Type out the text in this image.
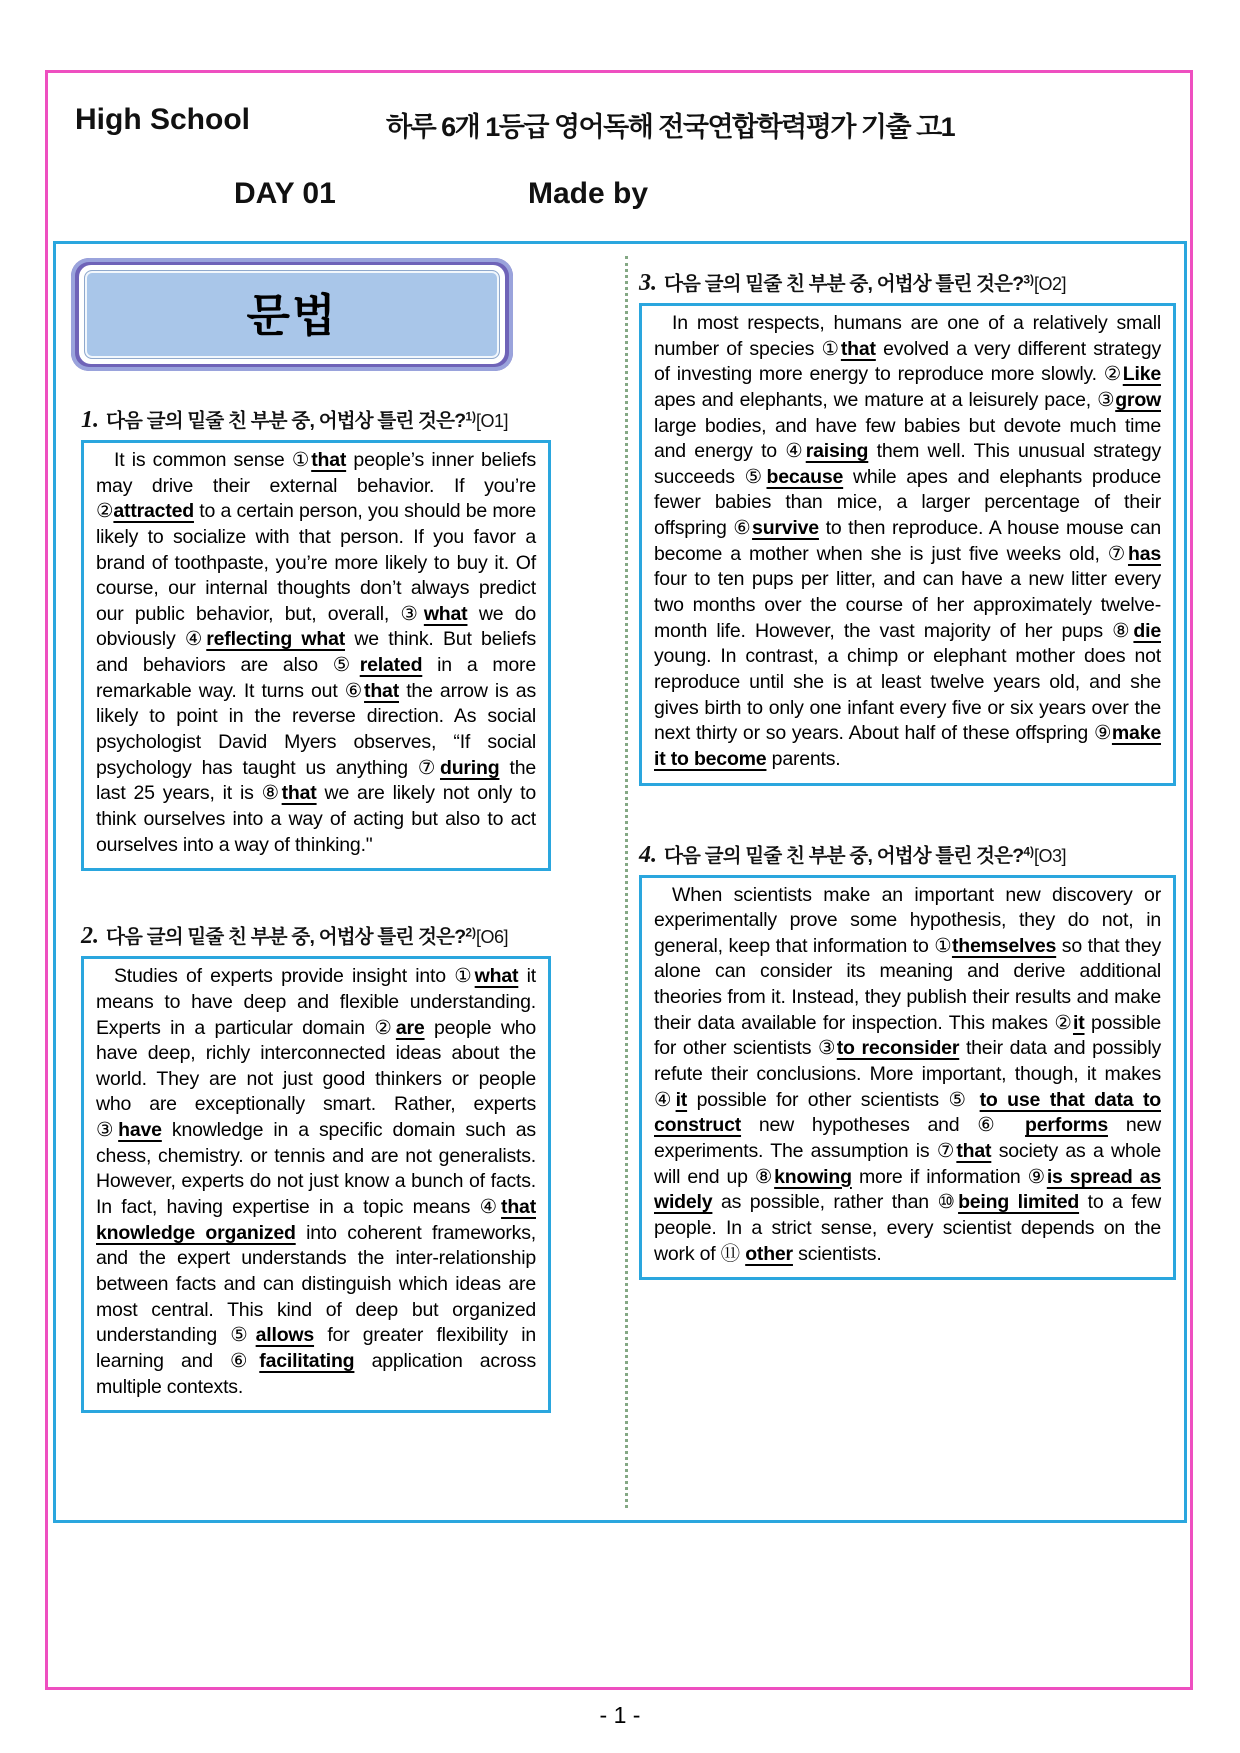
High School	하루 6개 1등급 영어독해 전국연합학력평가 기출 고1
DAY 01	Made by
문법
1. 다음 글의 밑줄 친 부분 중, 어법상 틀린 것은?$^{1)}$[O1]
It is common sense ①that people’s inner beliefs may drive their external behavior. If you’re ②attracted to a certain person, you should be more likely to socialize with that person. If you favor a brand of toothpaste, you’re more likely to buy it. Of course, our internal thoughts don’t always predict our public behavior, but, overall, ③what we do obviously ④reflecting what we think. But beliefs and behaviors are also ⑤related in a more remarkable way. It turns out ⑥that the arrow is as likely to point in the reverse direction. As social psychologist David Myers observes, “If social psychology has taught us anything ⑦during the last 25 years, it is ⑧that we are likely not only to think ourselves into a way of acting but also to act ourselves into a way of thinking."
2. 다음 글의 밑줄 친 부분 중, 어법상 틀린 것은?$^{2)}$[O6]
Studies of experts provide insight into ①what it means to have deep and flexible understanding. Experts in a particular domain ②are people who have deep, richly interconnected ideas about the world. They are not just good thinkers or people who are exceptionally smart. Rather, experts ③have knowledge in a specific domain such as chess, chemistry. or tennis and are not generalists. However, experts do not just know a bunch of facts. In fact, having expertise in a topic means ④that knowledge organized into coherent frameworks, and the expert understands the inter-relationship between facts and can distinguish which ideas are most central. This kind of deep but organized understanding ⑤allows for greater flexibility in learning and ⑥facilitating application across multiple contexts.
3. 다음 글의 밑줄 친 부분 중, 어법상 틀린 것은?$^{3)}$[O2]
In most respects, humans are one of a relatively small number of species ①that evolved a very different strategy of investing more energy to reproduce more slowly. ②Like apes and elephants, we mature at a leisurely pace, ③grow large bodies, and have few babies but devote much time and energy to ④raising them well. This unusual strategy succeeds ⑤because while apes and elephants produce fewer babies than mice, a larger percentage of their offspring ⑥survive to then reproduce. A house mouse can become a mother when she is just five weeks old, ⑦has four to ten pups per litter, and can have a new litter every two months over the course of her approximately twelve-month life. However, the vast majority of her pups ⑧die young. In contrast, a chimp or elephant mother does not reproduce until she is at least twelve years old, and she gives birth to only one infant every five or six years over the next thirty or so years. About half of these offspring ⑨make it to become parents.
4. 다음 글의 밑줄 친 부분 중, 어법상 틀린 것은?$^{4)}$[O3]
When scientists make an important new discovery or experimentally prove some hypothesis, they do not, in general, keep that information to ①themselves so that they alone can consider its meaning and derive additional theories from it. Instead, they publish their results and make their data available for inspection. This makes ②it possible for other scientists ③to reconsider their data and possibly refute their conclusions. More important, though, it makes ④it possible for other scientists ⑤ to use that data to construct new hypotheses and ⑥ performs new experiments. The assumption is ⑦that society as a whole will end up ⑧knowing more if information ⑨is spread as widely as possible, rather than ⑩being limited to a few people. In a strict sense, every scientist depends on the work of ⑪ other scientists.
- 1 -
